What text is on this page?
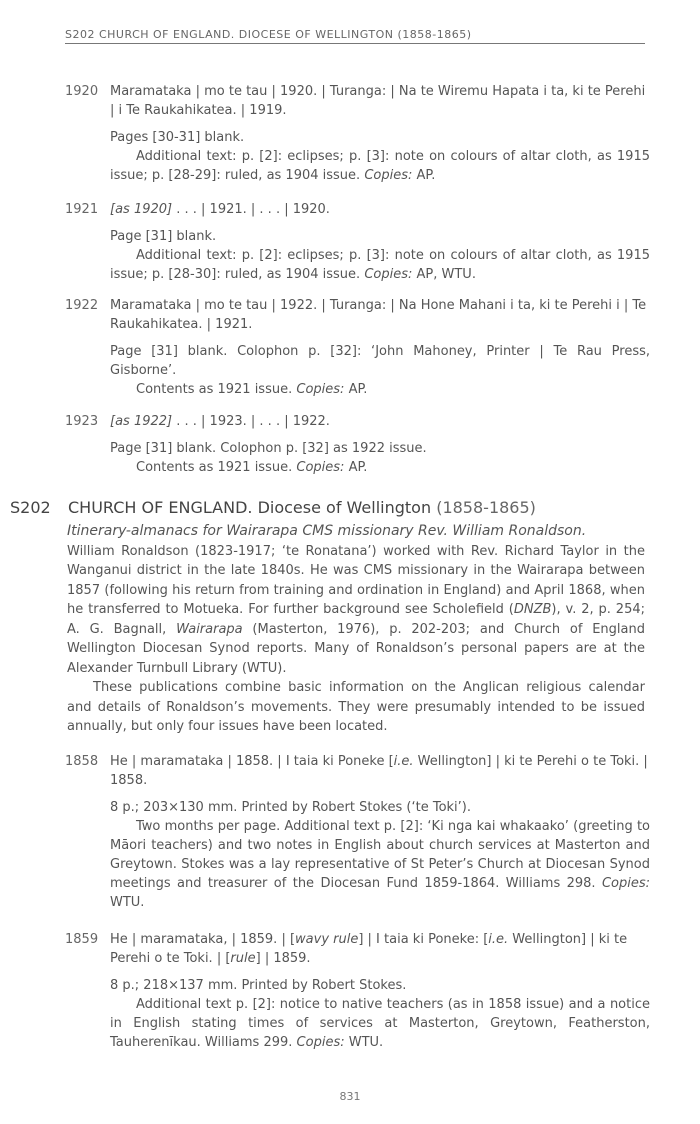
S202 CHURCH OF ENGLAND. DIOCESE OF WELLINGTON (1858-1865)
1920 Maramataka | mo te tau | 1920. | Turanga: | Na te Wiremu Hapata i ta, ki te Perehi | i Te Raukahikatea. | 1919.

Pages [30-31] blank.

Additional text: p. [2]: eclipses; p. [3]: note on colours of altar cloth, as 1915 issue; p. [28-29]: ruled, as 1904 issue. Copies: AP.

1921 [as 1920] . . . | 1921. | . . . | 1920.

Page [31] blank.

Additional text: p. [2]: eclipses; p. [3]: note on colours of altar cloth, as 1915 issue; p. [28-30]: ruled, as 1904 issue. Copies: AP, WTU.

1922 Maramataka | mo te tau | 1922. | Turanga: | Na Hone Mahani i ta, ki te Perehi i | Te Raukahikatea. | 1921.

Page [31] blank. Colophon p. [32]: ‘John Mahoney, Printer | Te Rau Press, Gisborne’.

Contents as 1921 issue. Copies: AP.

1923 [as 1922] . . . | 1923. | . . . | 1922.

Page [31] blank. Colophon p. [32] as 1922 issue.

Contents as 1921 issue. Copies: AP.

S202 CHURCH OF ENGLAND. Diocese of Wellington (1858-1865)

Itinerary-almanacs for Wairarapa CMS missionary Rev. William Ronaldson.

William Ronaldson (1823-1917; ‘te Ronatana’) worked with Rev. Richard Taylor in the Wanganui district in the late 1840s. He was CMS missionary in the Wairarapa between 1857 (following his return from training and ordination in England) and April 1868, when he transferred to Motueka. For further background see Scholefield (DNZB), v. 2, p. 254; A. G. Bagnall, Wairarapa (Masterton, 1976), p. 202-203; and Church of England Wellington Diocesan Synod reports. Many of Ronaldson’s personal papers are at the Alexander Turnbull Library (WTU).

These publications combine basic information on the Anglican religious calendar and details of Ronaldson’s movements. They were presumably intended to be issued annually, but only four issues have been located.

1858 He | maramataka | 1858. | I taia ki Poneke [i.e. Wellington] | ki te Perehi o te Toki. | 1858.

8 p.; 203×130 mm. Printed by Robert Stokes (‘te Toki’).

Two months per page. Additional text p. [2]: ‘Ki nga kai whakaako’ (greeting to Māori teachers) and two notes in English about church services at Masterton and Greytown. Stokes was a lay representative of St Peter’s Church at Diocesan Synod meetings and treasurer of the Diocesan Fund 1859-1864. Williams 298. Copies: WTU.

1859 He | maramataka, | 1859. | [wavy rule] | I taia ki Poneke: [i.e. Wellington] | ki te Perehi o te Toki. | [rule] | 1859.

8 p.; 218×137 mm. Printed by Robert Stokes.

Additional text p. [2]: notice to native teachers (as in 1858 issue) and a notice in English stating times of services at Masterton, Greytown, Featherston, Tauherenīkau. Williams 299. Copies: WTU.

831
